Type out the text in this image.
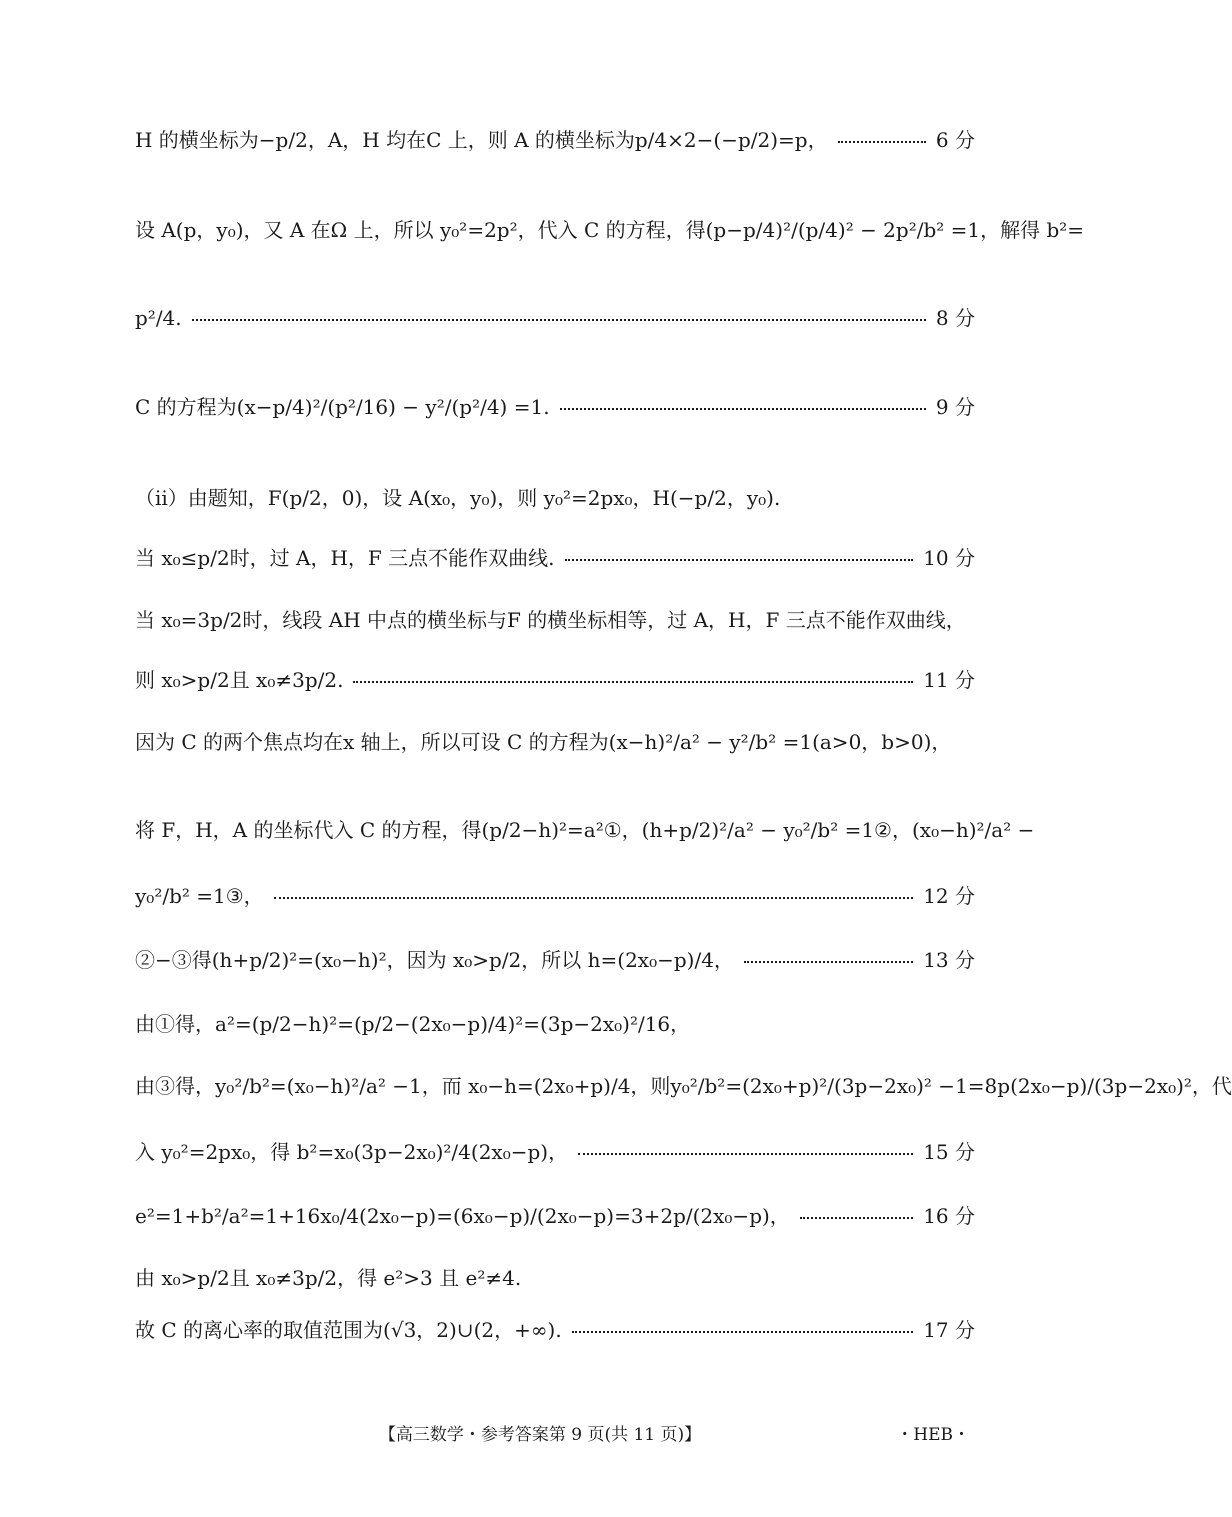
H 的横坐标为−p/2，A，H 均在C 上，则 A 的横坐标为p/4×2−(−p/2)=p，	6 分
设 A(p，y₀)，又 A 在Ω 上，所以 y₀²=2p²，代入 C 的方程，得(p−p/4)²/(p/4)² − 2p²/b² =1，解得 b²=
p²/4.	8 分
C 的方程为(x−p/4)²/(p²/16) − y²/(p²/4) =1.	9 分
（ⅱ）由题知，F(p/2，0)，设 A(x₀，y₀)，则 y₀²=2px₀，H(−p/2，y₀).
当 x₀≤p/2时，过 A，H，F 三点不能作双曲线.	10 分
当 x₀=3p/2时，线段 AH 中点的横坐标与F 的横坐标相等，过 A，H，F 三点不能作双曲线，
则 x₀>p/2且 x₀≠3p/2.	11 分
因为 C 的两个焦点均在x 轴上，所以可设 C 的方程为(x−h)²/a² − y²/b² =1(a>0，b>0)，
将 F，H，A 的坐标代入 C 的方程，得(p/2−h)²=a²①，(h+p/2)²/a² − y₀²/b² =1②，(x₀−h)²/a² −
y₀²/b² =1③，	12 分
②−③得(h+p/2)²=(x₀−h)²，因为 x₀>p/2，所以 h=(2x₀−p)/4，	13 分
由①得，a²=(p/2−h)²=(p/2−(2x₀−p)/4)²=(3p−2x₀)²/16，
由③得，y₀²/b²=(x₀−h)²/a² −1，而 x₀−h=(2x₀+p)/4，则y₀²/b²=(2x₀+p)²/(3p−2x₀)² −1=8p(2x₀−p)/(3p−2x₀)²，代
入 y₀²=2px₀，得 b²=x₀(3p−2x₀)²/4(2x₀−p)，	15 分
e²=1+b²/a²=1+16x₀/4(2x₀−p)=(6x₀−p)/(2x₀−p)=3+2p/(2x₀−p)，	16 分
由 x₀>p/2且 x₀≠3p/2，得 e²>3 且 e²≠4.
故 C 的离心率的取值范围为(√3，2)∪(2，+∞).	17 分
【高三数学・参考答案第 9 页(共 11 页)】	・HEB・
